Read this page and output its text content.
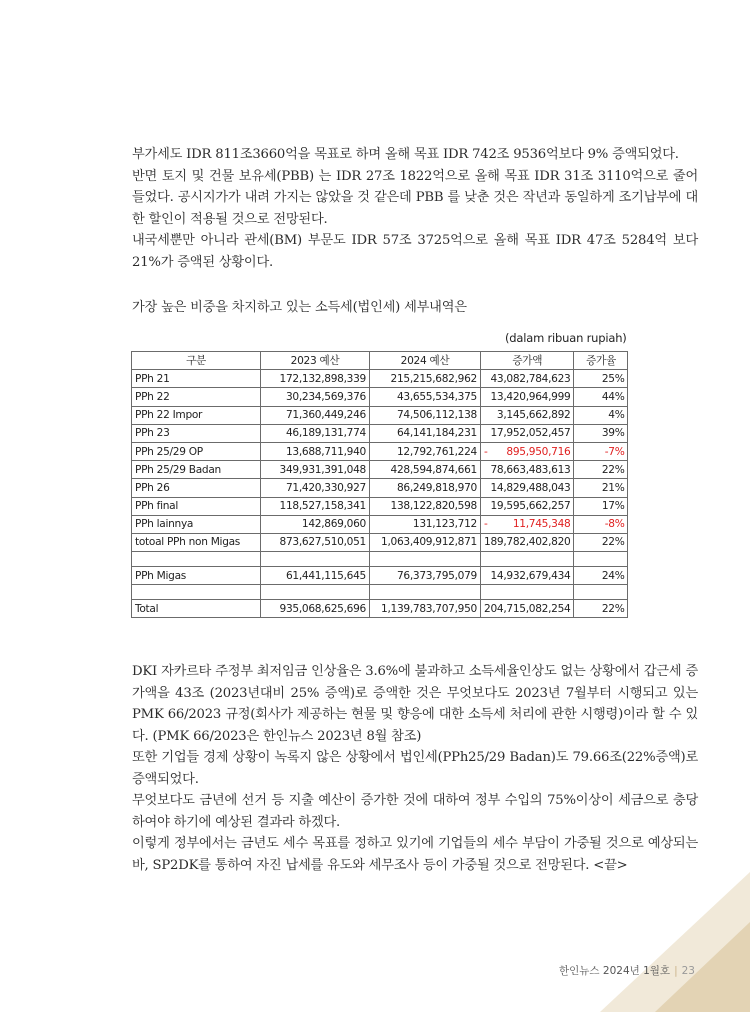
부가세도 IDR 811조3660억을 목표로 하며 올해 목표 IDR 742조 9536억보다 9% 증액되었다.
반면 토지 및 건물 보유세(PBB) 는 IDR 27조 1822억으로 올해 목표 IDR 31조 3110억으로 줄어 들었다. 공시지가가 내려 가지는 않았을 것 같은데 PBB 를 낮춘 것은 작년과 동일하게 조기납부에 대한 할인이 적용될 것으로 전망된다.
내국세뿐만 아니라 관세(BM) 부문도 IDR 57조 3725억으로 올해 목표 IDR 47조 5284억 보다 21%가 증액된 상황이다.
가장 높은 비중을 차지하고 있는 소득세(법인세) 세부내역은
(dalam ribuan rupiah)
구분	2023 예산	2024 예산	증가액	증가율
PPh 21	172,132,898,339	215,215,682,962	43,082,784,623	25%
PPh 22	30,234,569,376	43,655,534,375	13,420,964,999	44%
PPh 22 Impor	71,360,449,246	74,506,112,138	3,145,662,892	4%
PPh 23	46,189,131,774	64,141,184,231	17,952,052,457	39%
PPh 25/29 OP	13,688,711,940	12,792,761,224	- 895,950,716	-7%
PPh 25/29 Badan	349,931,391,048	428,594,874,661	78,663,483,613	22%
PPh 26	71,420,330,927	86,249,818,970	14,829,488,043	21%
PPh final	118,527,158,341	138,122,820,598	19,595,662,257	17%
PPh lainnya	142,869,060	131,123,712	- 11,745,348	-8%
totoal PPh non Migas	873,627,510,051	1,063,409,912,871	189,782,402,820	22%

PPh Migas	61,441,115,645	76,373,795,079	14,932,679,434	24%

Total	935,068,625,696	1,139,783,707,950	204,715,082,254	22%
DKI 자카르타 주정부 최저임금 인상율은 3.6%에 불과하고 소득세율인상도 없는 상황에서 갑근세 증가액을 43조 (2023년대비 25% 증액)로 증액한 것은 무엇보다도 2023년 7월부터 시행되고 있는 PMK 66/2023 규정(회사가 제공하는 현물 및 향응에 대한 소득세 처리에 관한 시행령)이라 할 수 있다. (PMK 66/2023은 한인뉴스 2023년 8월 참조)
또한 기업들 경제 상황이 녹록지 않은 상황에서 법인세(PPh25/29 Badan)도 79.66조(22%증액)로 증액되었다.
무엇보다도 금년에 선거 등 지출 예산이 증가한 것에 대하여 정부 수입의 75%이상이 세금으로 충당하여야 하기에 예상된 결과라 하겠다.
이렇게 정부에서는 금년도 세수 목표를 정하고 있기에 기업들의 세수 부담이 가중될 것으로 예상되는 바, SP2DK를 통하여 자진 납세를 유도와 세무조사 등이 가중될 것으로 전망된다. <끝>
한인뉴스 2024년 1월호 | 23
